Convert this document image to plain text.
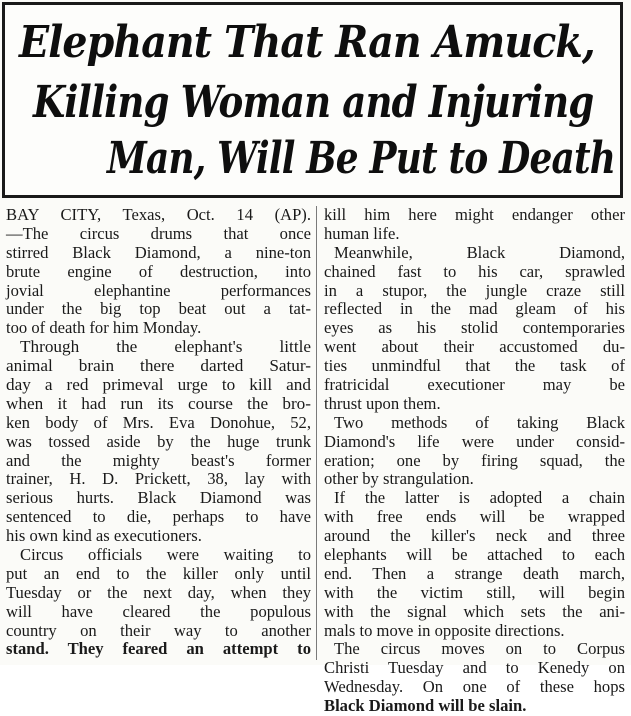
Elephant That Ran Amuck,
Killing Woman and Injuring
Man, Will Be Put to Death
BAY CITY, Texas, Oct. 14 (AP).
—The circus drums that once
stirred Black Diamond, a nine-ton
brute engine of destruction, into
jovial elephantine performances
under the big top beat out a tat-
too of death for him Monday.
Through the elephant's little
animal brain there darted Satur-
day a red primeval urge to kill and
when it had run its course the bro-
ken body of Mrs. Eva Donohue, 52,
was tossed aside by the huge trunk
and the mighty beast's former
trainer, H. D. Prickett, 38, lay with
serious hurts. Black Diamond was
sentenced to die, perhaps to have
his own kind as executioners.
Circus officials were waiting to
put an end to the killer only until
Tuesday or the next day, when they
will have cleared the populous
country on their way to another
stand. They feared an attempt to
kill him here might endanger other
human life.
Meanwhile, Black Diamond,
chained fast to his car, sprawled
in a stupor, the jungle craze still
reflected in the mad gleam of his
eyes as his stolid contemporaries
went about their accustomed du-
ties unmindful that the task of
fratricidal executioner may be
thrust upon them.
Two methods of taking Black
Diamond's life were under consid-
eration; one by firing squad, the
other by strangulation.
If the latter is adopted a chain
with free ends will be wrapped
around the killer's neck and three
elephants will be attached to each
end. Then a strange death march,
with the victim still, will begin
with the signal which sets the ani-
mals to move in opposite directions.
The circus moves on to Corpus
Christi Tuesday and to Kenedy on
Wednesday. On one of these hops
Black Diamond will be slain.
